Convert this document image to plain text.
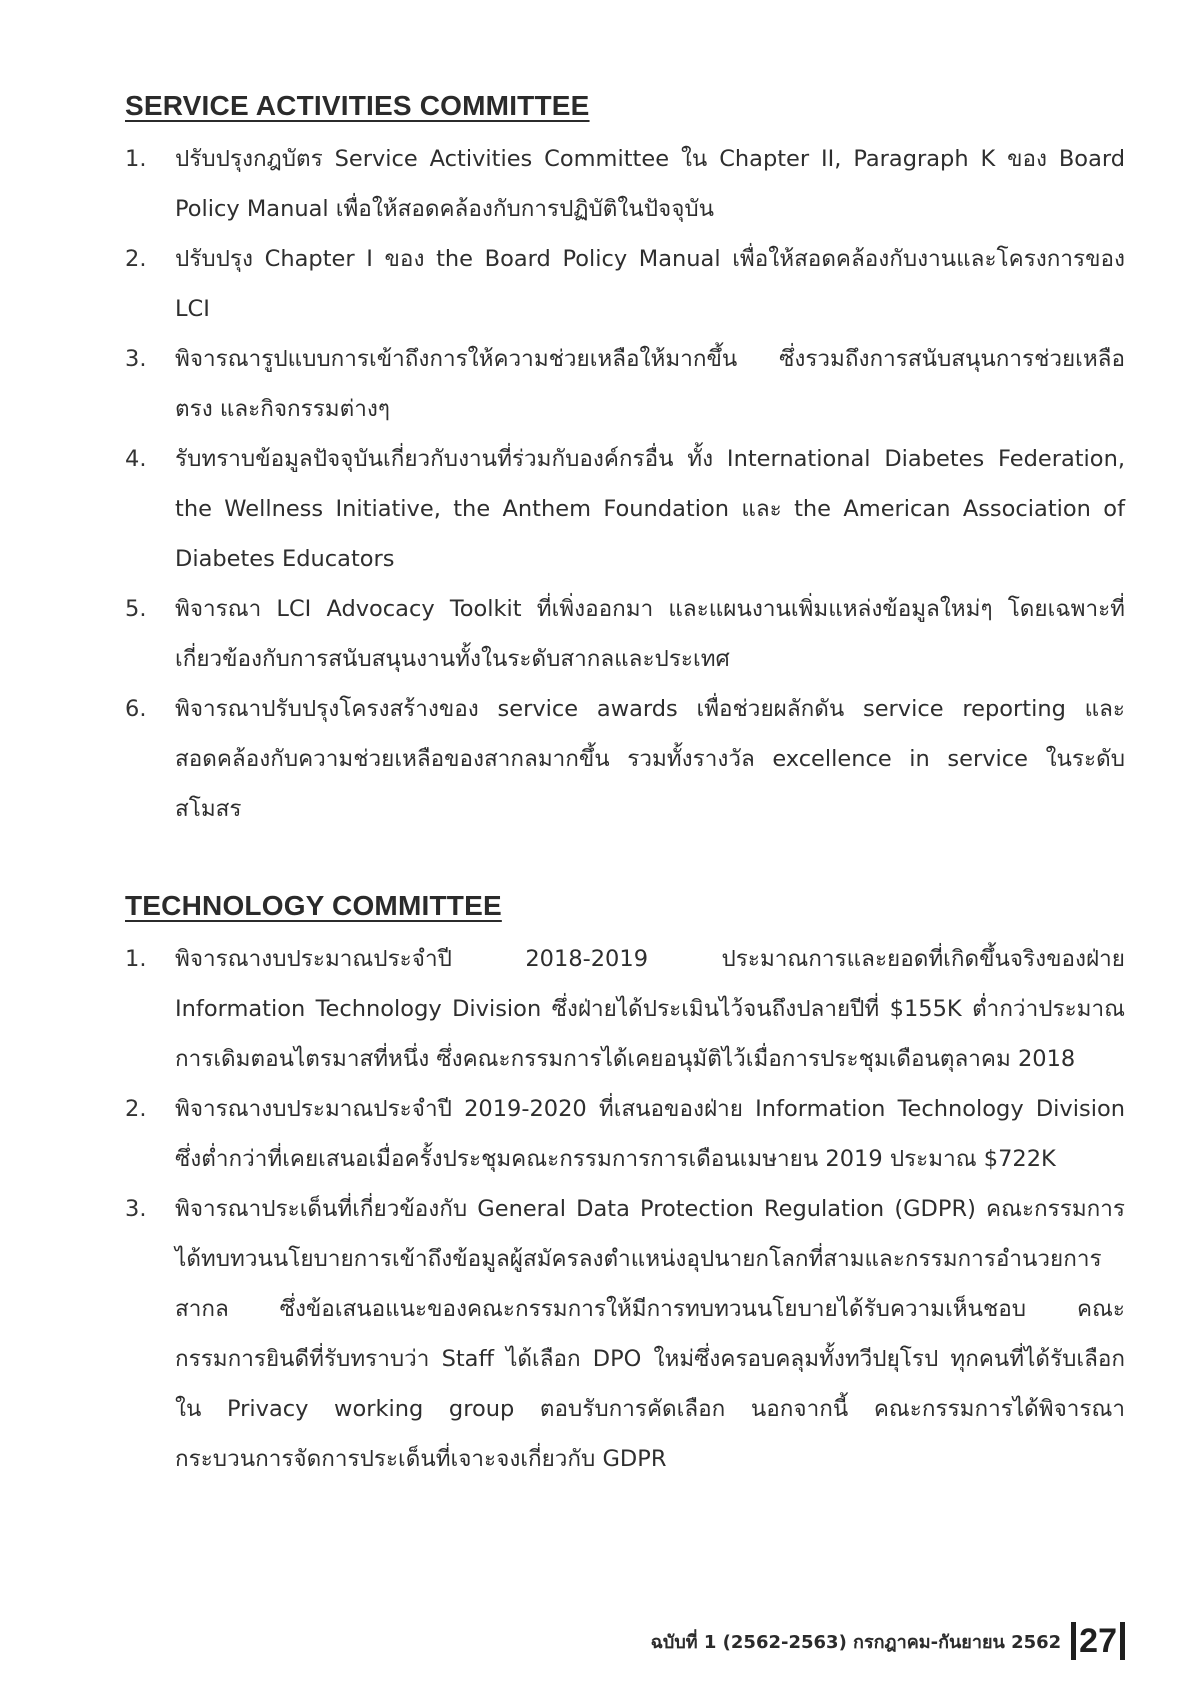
SERVICE ACTIVITIES COMMITTEE
1.	ปรับปรุงกฎบัตร Service Activities Committee ใน Chapter II, Paragraph K ของ Board Policy Manual เพื่อให้สอดคล้องกับการปฏิบัติในปัจจุบัน
2.	ปรับปรุง Chapter I ของ the Board Policy Manual เพื่อให้สอดคล้องกับงานและโครงการของ LCI
3.	พิจารณารูปแบบการเข้าถึงการให้ความช่วยเหลือให้มากขึ้น ซึ่งรวมถึงการสนับสนุนการช่วยเหลือตรง และกิจกรรมต่างๆ
4.	รับทราบข้อมูลปัจจุบันเกี่ยวกับงานที่ร่วมกับองค์กรอื่น ทั้ง International Diabetes Federation, the Wellness Initiative, the Anthem Foundation และ the American Association of Diabetes Educators
5.	พิจารณา LCI Advocacy Toolkit ที่เพิ่งออกมา และแผนงานเพิ่มแหล่งข้อมูลใหม่ๆ โดยเฉพาะที่เกี่ยวข้องกับการสนับสนุนงานทั้งในระดับสากลและประเทศ
6.	พิจารณาปรับปรุงโครงสร้างของ service awards เพื่อช่วยผลักดัน service reporting และสอดคล้องกับความช่วยเหลือของสากลมากขึ้น รวมทั้งรางวัล excellence in service ในระดับสโมสร
TECHNOLOGY COMMITTEE
1.	พิจารณางบประมาณประจำปี 2018-2019 ประมาณการและยอดที่เกิดขึ้นจริงของฝ่าย Information Technology Division ซึ่งฝ่ายได้ประเมินไว้จนถึงปลายปีที่ $155K ต่ำกว่าประมาณการเดิมตอนไตรมาสที่หนึ่ง ซึ่งคณะกรรมการได้เคยอนุมัติไว้เมื่อการประชุมเดือนตุลาคม 2018
2.	พิจารณางบประมาณประจำปี 2019-2020 ที่เสนอของฝ่าย Information Technology Division ซึ่งต่ำกว่าที่เคยเสนอเมื่อครั้งประชุมคณะกรรมการการเดือนเมษายน 2019 ประมาณ $722K
3.	พิจารณาประเด็นที่เกี่ยวข้องกับ General Data Protection Regulation (GDPR) คณะกรรมการได้ทบทวนนโยบายการเข้าถึงข้อมูลผู้สมัครลงตำแหน่งอุปนายกโลกที่สามและกรรมการอำนวยการสากล ซึ่งข้อเสนอแนะของคณะกรรมการให้มีการทบทวนนโยบายได้รับความเห็นชอบ คณะกรรมการยินดีที่รับทราบว่า Staff ได้เลือก DPO ใหม่ซึ่งครอบคลุมทั้งทวีปยุโรป ทุกคนที่ได้รับเลือกใน Privacy working group ตอบรับการคัดเลือก นอกจากนี้ คณะกรรมการได้พิจารณากระบวนการจัดการประเด็นที่เจาะจงเกี่ยวกับ GDPR
ฉบับที่ 1 (2562-2563) กรกฎาคม-กันยายน 2562 27
